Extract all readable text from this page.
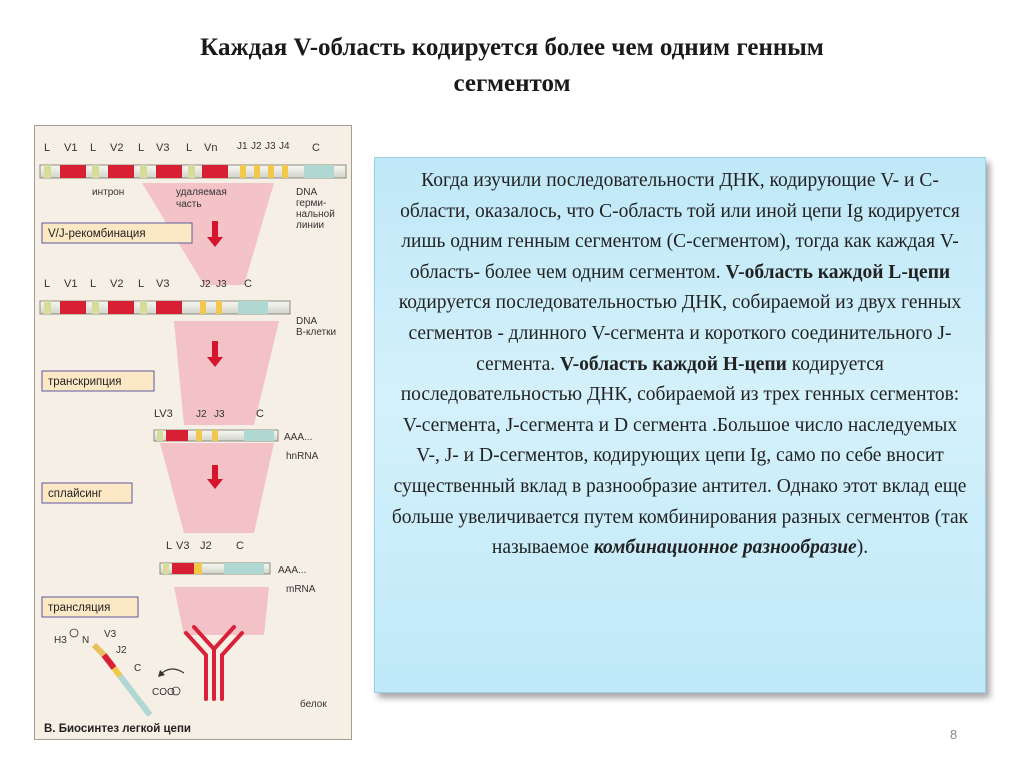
Каждая V-область кодируется более чем одним генным
сегментом
L V1 L V2 L V3 L Vn J1 J2 J3 J4 C
интрон	удаляемая
часть
DNA
герми-
нальной
линии
V/J-рекомбинация
L V1 L V2 L V3	J2 J3 C
DNA
B-клетки
транскрипция
LV3 J2 J3	C
AAA...
hnRNA
сплайсинг
L V3 J2 C
AAA...
mRNA
трансляция
H3 N
V3
J2
C
COO
белок
В. Биосинтез легкой цепи
Когда изучили последовательности ДНК, кодирующие V- и С-области, оказалось, что С-область той или иной цепи Ig кодируется лишь одним генным сегментом (С-сегментом), тогда как каждая V-область- более чем одним сегментом. V-область каждой L-цепи кодируется последовательностью ДНК, собираемой из двух генных сегментов - длинного V-сегмента и короткого соединительного J-сегмента. V-область каждой Н-цепи кодируется последовательностью ДНК, собираемой из трех генных сегментов: V-сегмента, J-сегмента и D сегмента .Большое число наследуемых V-, J- и D-сегментов, кодирующих цепи Ig, само по себе вносит существенный вклад в разнообразие антител. Однако этот вклад еще больше увеличивается путем комбинирования разных сегментов (так называемое комбинационное разнообразие).
8
